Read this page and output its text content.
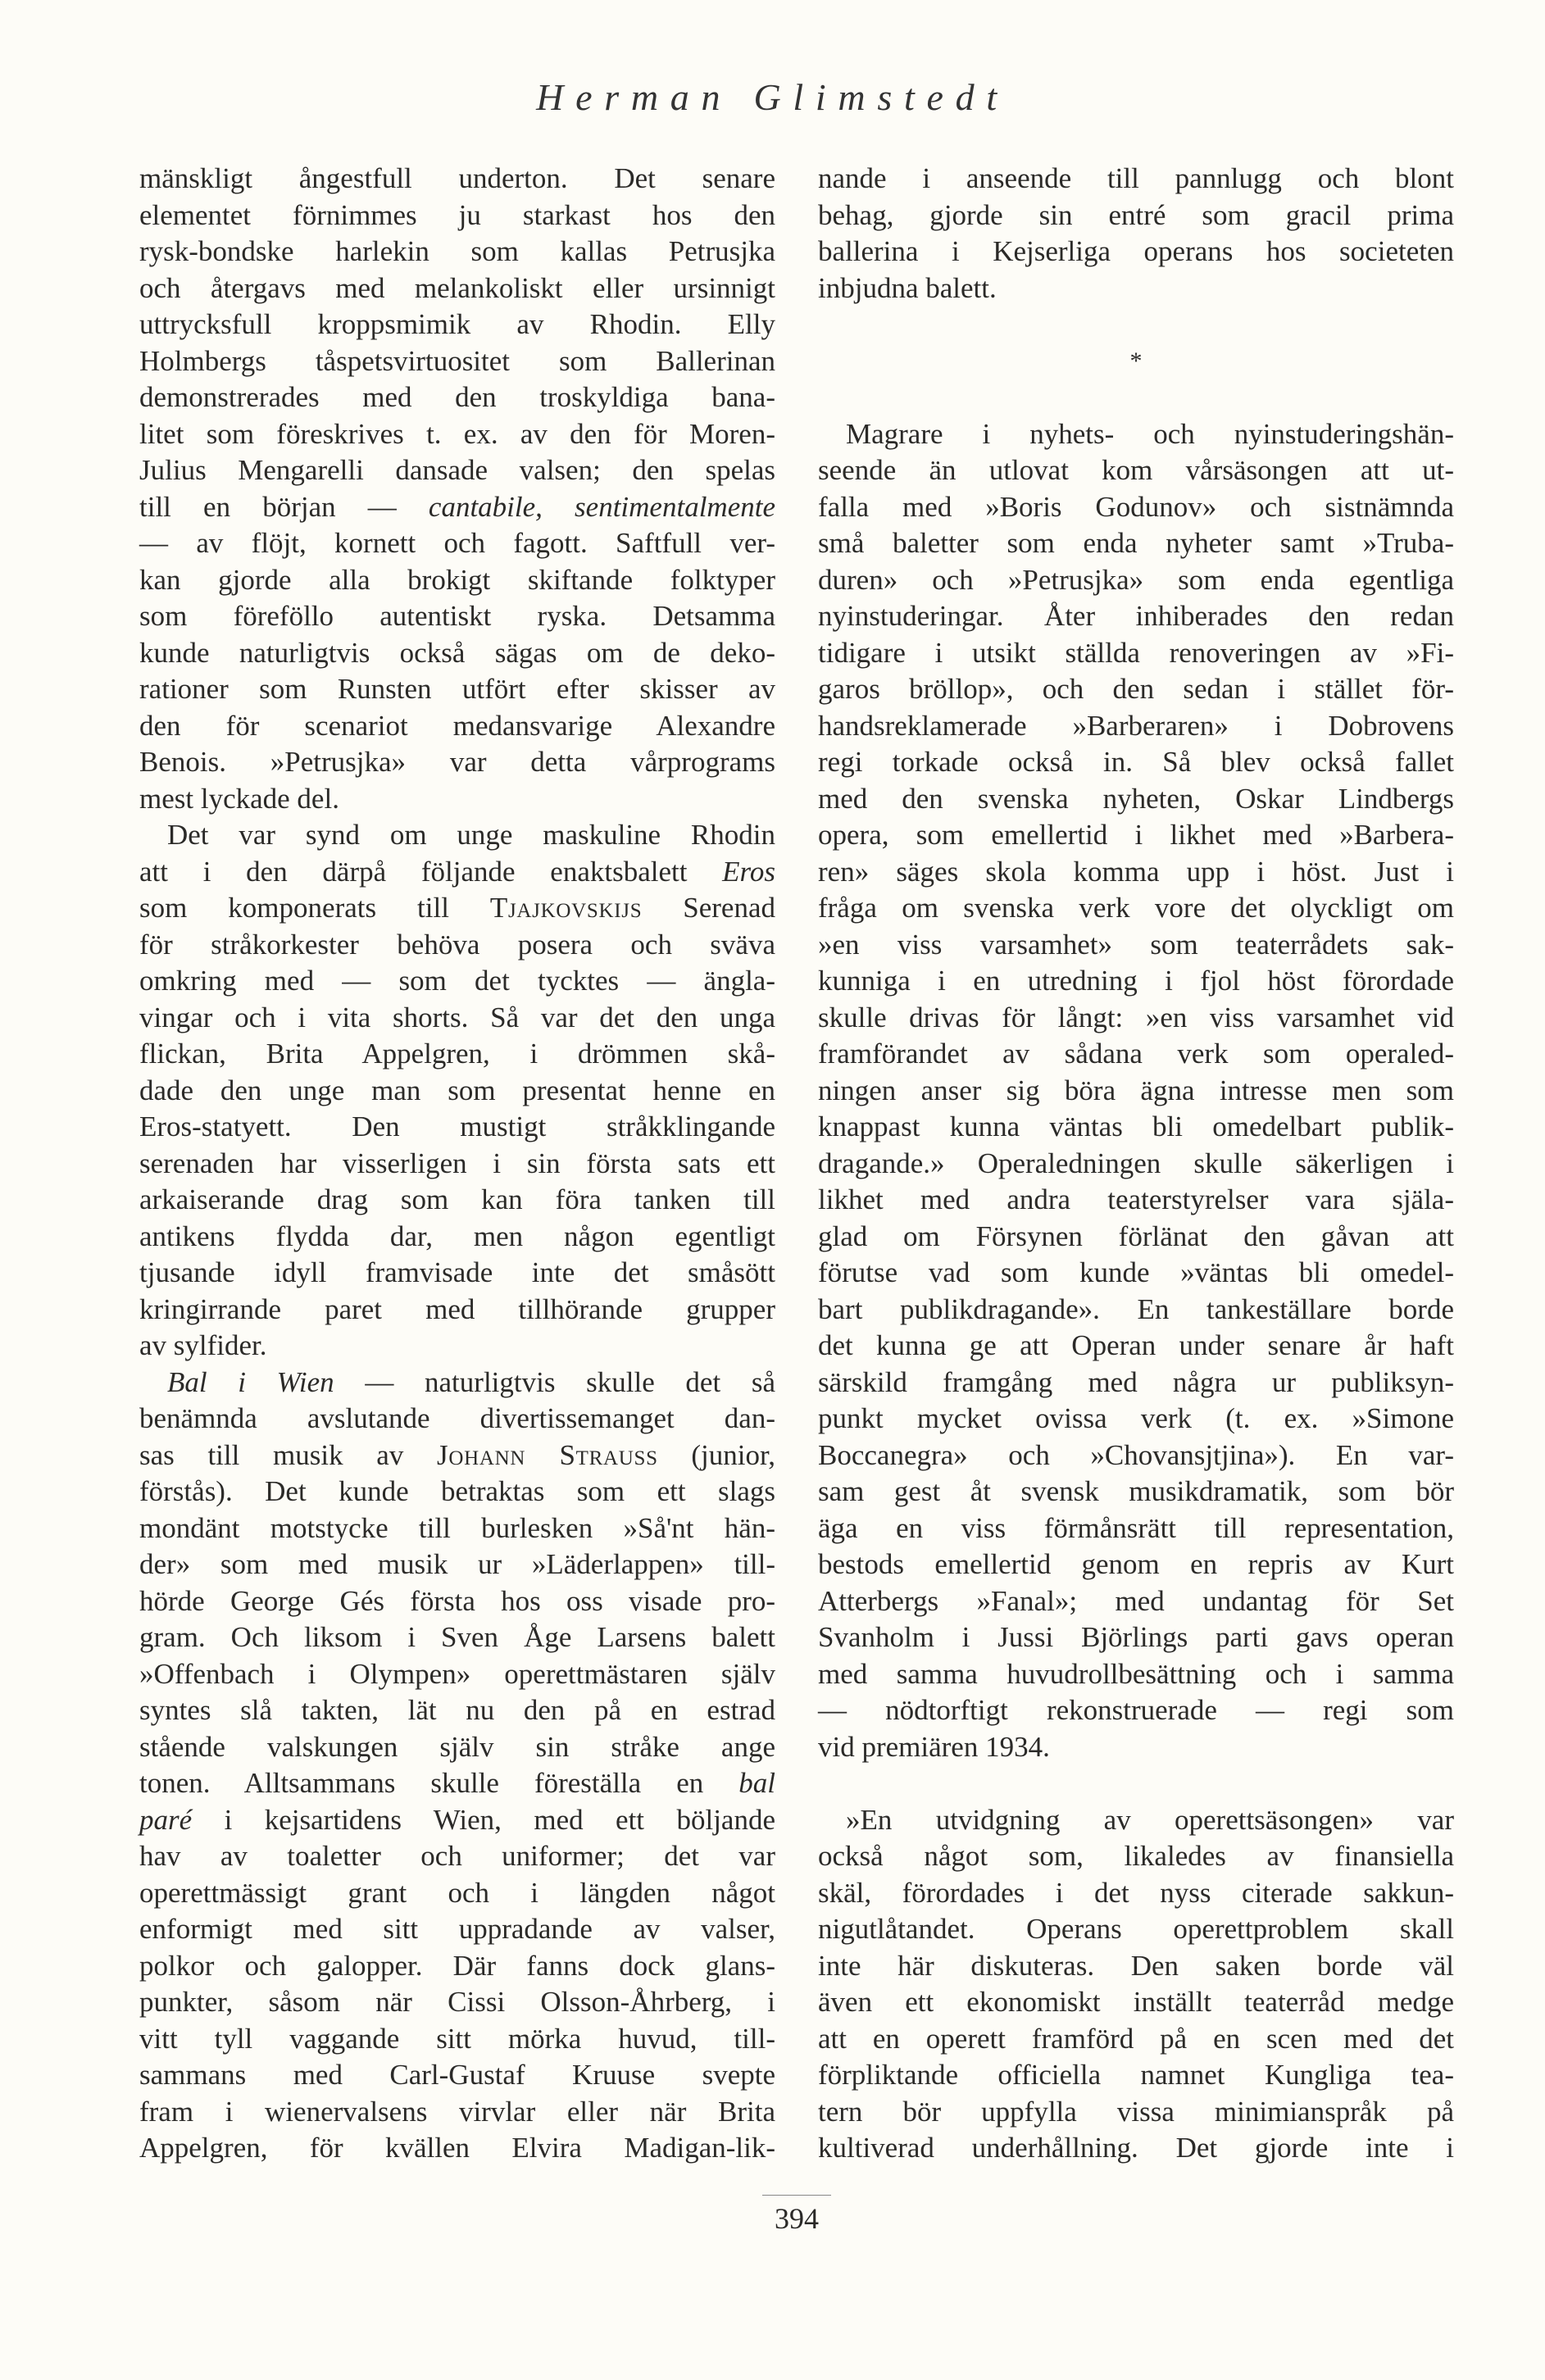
Herman Glimstedt
mänskligt ångestfull underton. Det senare
elementet förnimmes ju starkast hos den
rysk-bondske harlekin som kallas Petrusjka
och återgavs med melankoliskt eller ursinnigt
uttrycksfull kroppsmimik av Rhodin. Elly
Holmbergs tåspetsvirtuositet som Ballerinan
demonstrerades med den troskyldiga bana-
litet som föreskrives t. ex. av den för Moren-
Julius Mengarelli dansade valsen; den spelas
till en början — cantabile, sentimentalmente
— av flöjt, kornett och fagott. Saftfull ver-
kan gjorde alla brokigt skiftande folktyper
som föreföllo autentiskt ryska. Detsamma
kunde naturligtvis också sägas om de deko-
rationer som Runsten utfört efter skisser av
den för scenariot medansvarige Alexandre
Benois. »Petrusjka» var detta vårprograms
mest lyckade del.
Det var synd om unge maskuline Rhodin
att i den därpå följande enaktsbalett Eros
som komponerats till Tjajkovskijs Serenad
för stråkorkester behöva posera och sväva
omkring med — som det tycktes — ängla-
vingar och i vita shorts. Så var det den unga
flickan, Brita Appelgren, i drömmen skå-
dade den unge man som presentat henne en
Eros-statyett. Den mustigt stråkklingande
serenaden har visserligen i sin första sats ett
arkaiserande drag som kan föra tanken till
antikens flydda dar, men någon egentligt
tjusande idyll framvisade inte det småsött
kringirrande paret med tillhörande grupper
av sylfider.
Bal i Wien — naturligtvis skulle det så
benämnda avslutande divertissemanget dan-
sas till musik av Johann Strauss (junior,
förstås). Det kunde betraktas som ett slags
mondänt motstycke till burlesken »Så'nt hän-
der» som med musik ur »Läderlappen» till-
hörde George Gés första hos oss visade pro-
gram. Och liksom i Sven Åge Larsens balett
»Offenbach i Olympen» operettmästaren själv
syntes slå takten, lät nu den på en estrad
stående valskungen själv sin stråke ange
tonen. Alltsammans skulle föreställa en bal
paré i kejsartidens Wien, med ett böljande
hav av toaletter och uniformer; det var
operettmässigt grant och i längden något
enformigt med sitt uppradande av valser,
polkor och galopper. Där fanns dock glans-
punkter, såsom när Cissi Olsson-Åhrberg, i
vitt tyll vaggande sitt mörka huvud, till-
sammans med Carl-Gustaf Kruuse svepte
fram i wienervalsens virvlar eller när Brita
Appelgren, för kvällen Elvira Madigan-lik-
nande i anseende till pannlugg och blont
behag, gjorde sin entré som gracil prima
ballerina i Kejserliga operans hos societeten
inbjudna balett.
*
Magrare i nyhets- och nyinstuderingshän-
seende än utlovat kom vårsäsongen att ut-
falla med »Boris Godunov» och sistnämnda
små baletter som enda nyheter samt »Truba-
duren» och »Petrusjka» som enda egentliga
nyinstuderingar. Åter inhiberades den redan
tidigare i utsikt ställda renoveringen av »Fi-
garos bröllop», och den sedan i stället för-
handsreklamerade »Barberaren» i Dobrovens
regi torkade också in. Så blev också fallet
med den svenska nyheten, Oskar Lindbergs
opera, som emellertid i likhet med »Barbera-
ren» säges skola komma upp i höst. Just i
fråga om svenska verk vore det olyckligt om
»en viss varsamhet» som teaterrådets sak-
kunniga i en utredning i fjol höst förordade
skulle drivas för långt: »en viss varsamhet vid
framförandet av sådana verk som operaled-
ningen anser sig böra ägna intresse men som
knappast kunna väntas bli omedelbart publik-
dragande.» Operaledningen skulle säkerligen i
likhet med andra teaterstyrelser vara själa-
glad om Försynen förlänat den gåvan att
förutse vad som kunde »väntas bli omedel-
bart publikdragande». En tankeställare borde
det kunna ge att Operan under senare år haft
särskild framgång med några ur publiksyn-
punkt mycket ovissa verk (t. ex. »Simone
Boccanegra» och »Chovansjtjina»). En var-
sam gest åt svensk musikdramatik, som bör
äga en viss förmånsrätt till representation,
bestods emellertid genom en repris av Kurt
Atterbergs »Fanal»; med undantag för Set
Svanholm i Jussi Björlings parti gavs operan
med samma huvudrollbesättning och i samma
— nödtorftigt rekonstruerade — regi som
vid premiären 1934.
»En utvidgning av operettsäsongen» var
också något som, likaledes av finansiella
skäl, förordades i det nyss citerade sakkun-
nigutlåtandet. Operans operettproblem skall
inte här diskuteras. Den saken borde väl
även ett ekonomiskt inställt teaterråd medge
att en operett framförd på en scen med det
förpliktande officiella namnet Kungliga tea-
tern bör uppfylla vissa minimianspråk på
kultiverad underhållning. Det gjorde inte i
394
